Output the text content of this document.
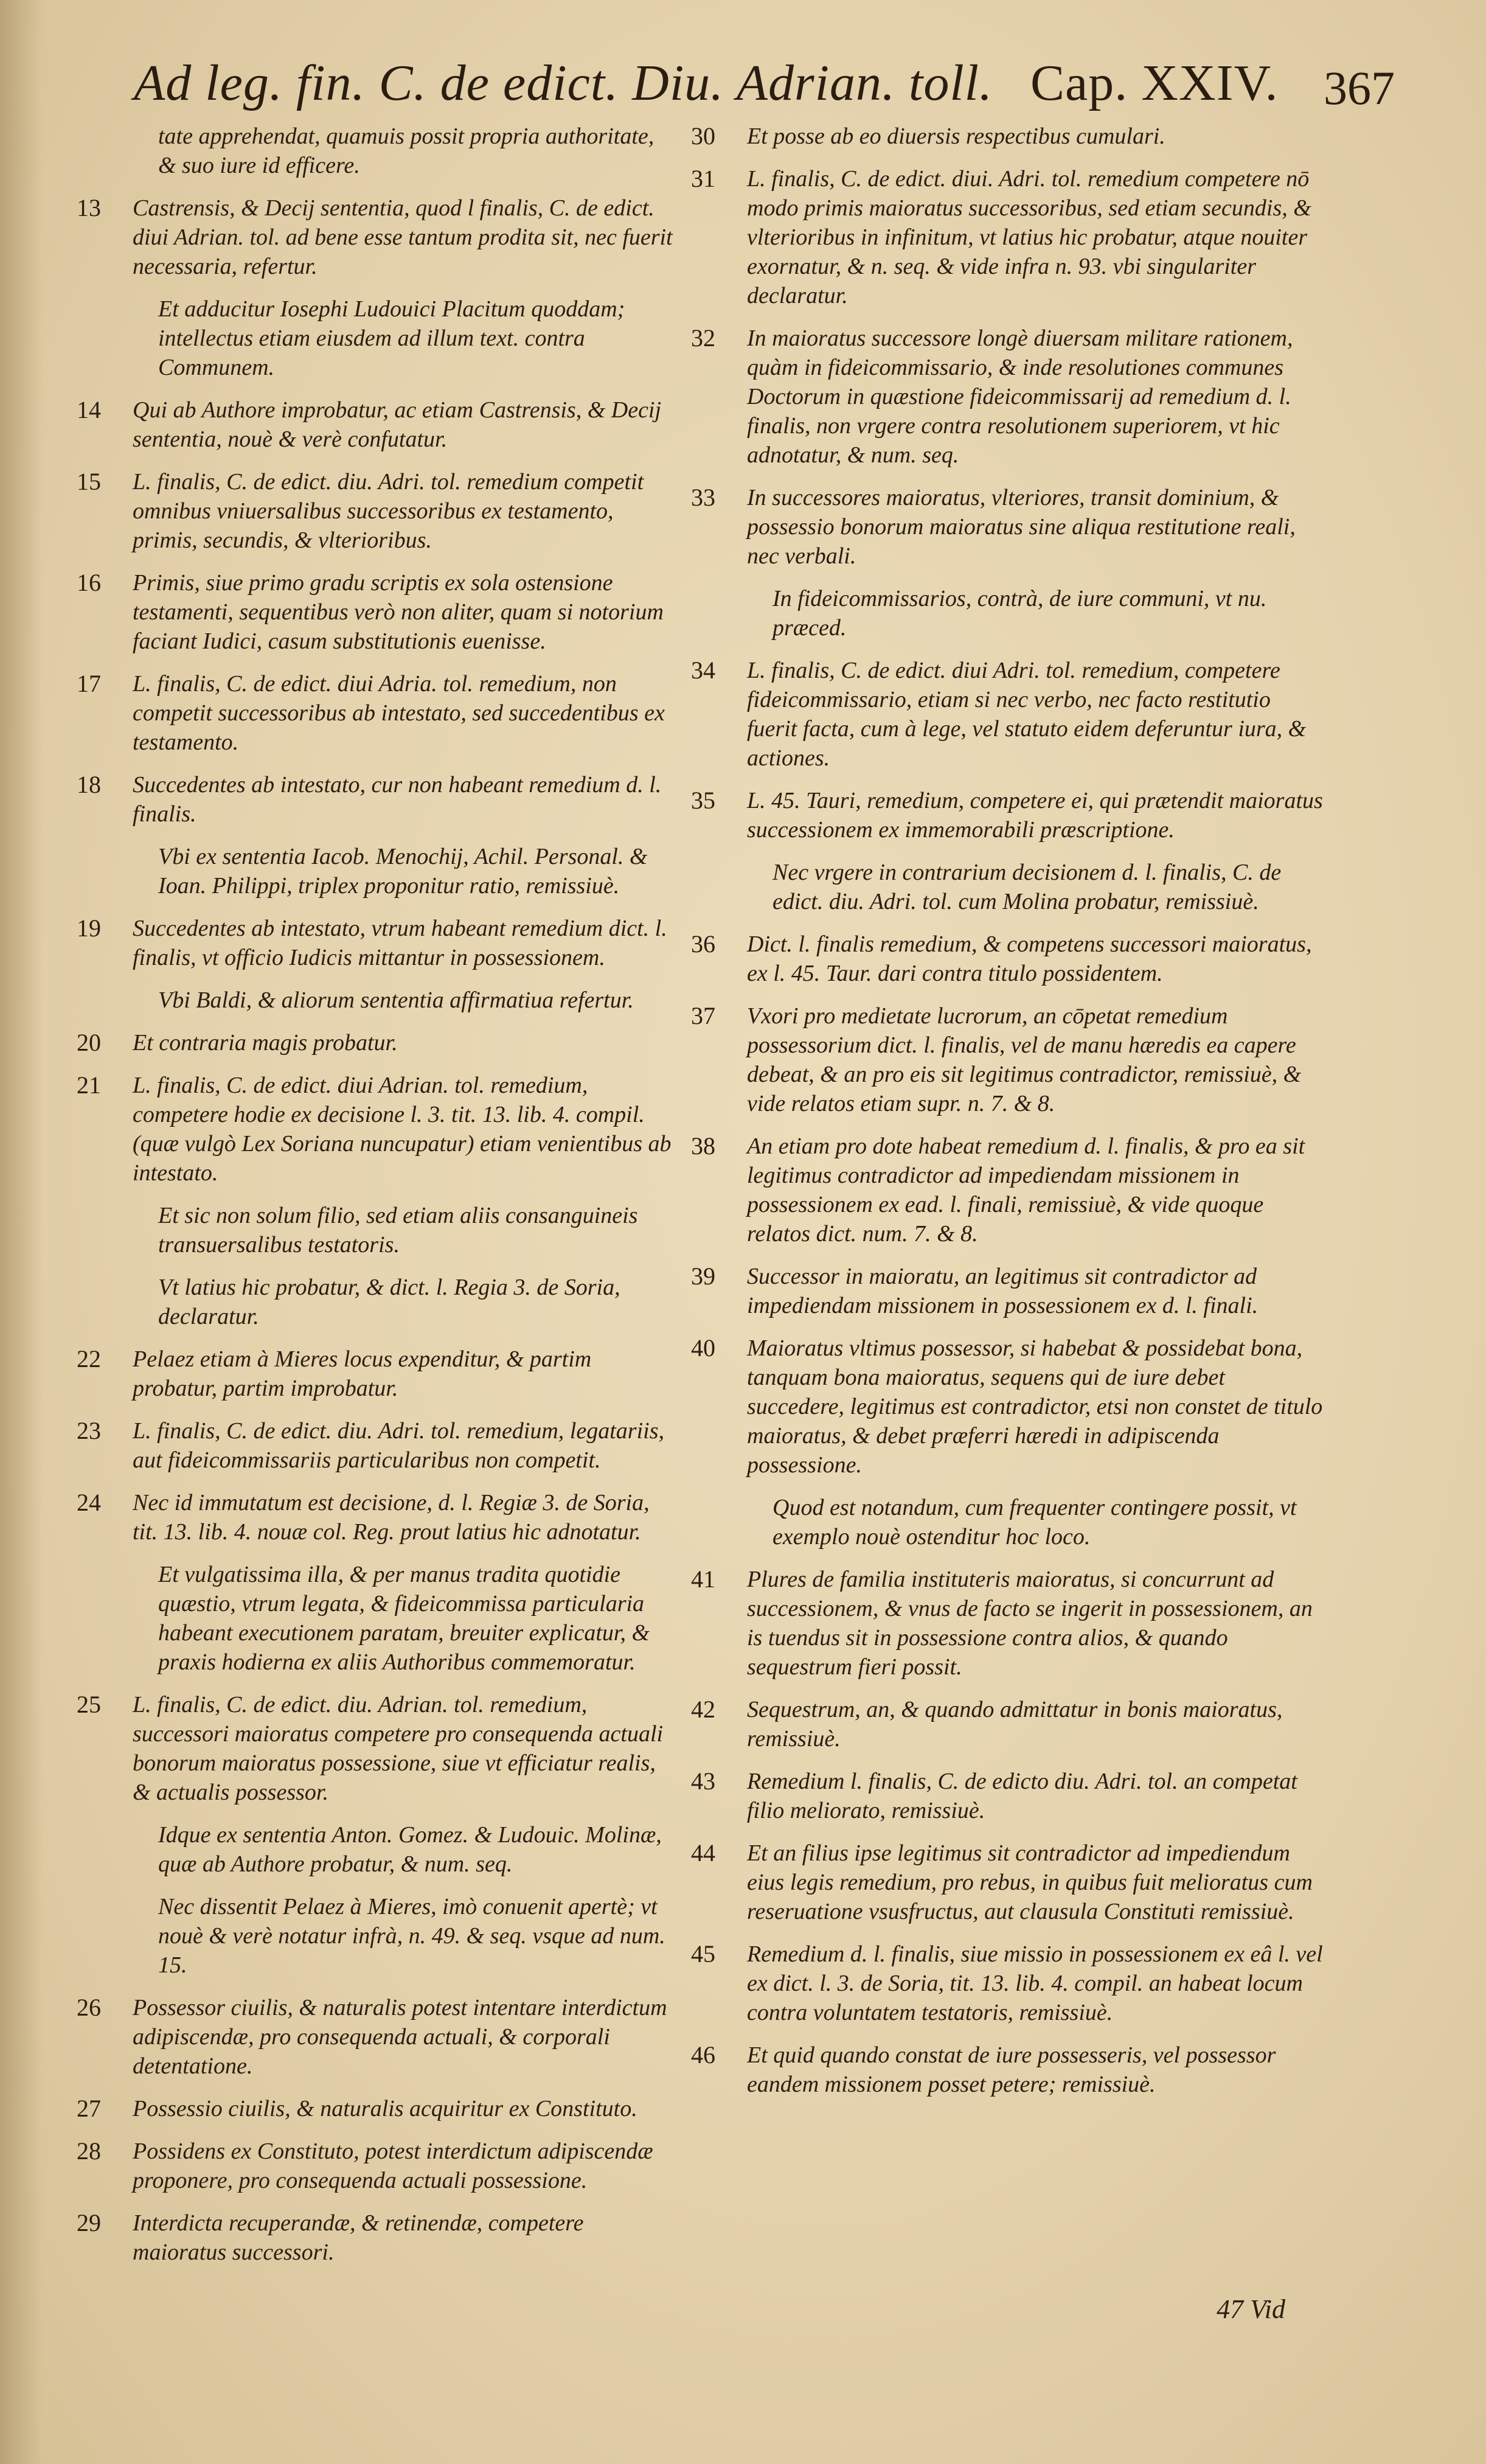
Ad leg. fin. C. de edict. Diu. Adrian. toll. Cap. XXIV. 367
tate apprehendat, quamuis possit propria authoritate, & suo iure id efficere.
13	Castrensis, & Decij sententia, quod l finalis, C. de edict. diui Adrian. tol. ad bene esse tantum prodita sit, nec fuerit necessaria, refertur.
Et adducitur Iosephi Ludouici Placitum quoddam; intellectus etiam eiusdem ad illum text. contra Communem.
14	Qui ab Authore improbatur, ac etiam Castrensis, & Decij sententia, nouè & verè confutatur.
15	L. finalis, C. de edict. diu. Adri. tol. remedium competit omnibus vniuersalibus successoribus ex testamento, primis, secundis, & vlterioribus.
16	Primis, siue primo gradu scriptis ex sola ostensione testamenti, sequentibus verò non aliter, quam si notorium faciant Iudici, casum substitutionis euenisse.
17	L. finalis, C. de edict. diui Adria. tol. remedium, non competit successoribus ab intestato, sed succedentibus ex testamento.
18	Succedentes ab intestato, cur non habeant remedium d. l. finalis.
Vbi ex sententia Iacob. Menochij, Achil. Personal. & Ioan. Philippi, triplex proponitur ratio, remissiuè.
19	Succedentes ab intestato, vtrum habeant remedium dict. l. finalis, vt officio Iudicis mittantur in possessionem.
Vbi Baldi, & aliorum sententia affirmatiua refertur.
20	Et contraria magis probatur.
21	L. finalis, C. de edict. diui Adrian. tol. remedium, competere hodie ex decisione l. 3. tit. 13. lib. 4. compil. (quæ vulgò Lex Soriana nuncupatur) etiam venientibus ab intestato.
Et sic non solum filio, sed etiam aliis consanguineis transuersalibus testatoris.
Vt latius hic probatur, & dict. l. Regia 3. de Soria, declaratur.
22	Pelaez etiam à Mieres locus expenditur, & partim probatur, partim improbatur.
23	L. finalis, C. de edict. diu. Adri. tol. remedium, legatariis, aut fideicommissariis particularibus non competit.
24	Nec id immutatum est decisione, d. l. Regiæ 3. de Soria, tit. 13. lib. 4. nouæ col. Reg. prout latius hic adnotatur.
Et vulgatissima illa, & per manus tradita quotidie quæstio, vtrum legata, & fideicommissa particularia habeant executionem paratam, breuiter explicatur, & praxis hodierna ex aliis Authoribus commemoratur.
25	L. finalis, C. de edict. diu. Adrian. tol. remedium, successori maioratus competere pro consequenda actuali bonorum maioratus possessione, siue vt efficiatur realis, & actualis possessor.
Idque ex sententia Anton. Gomez. & Ludouic. Molinæ, quæ ab Authore probatur, & num. seq.
Nec dissentit Pelaez à Mieres, imò conuenit apertè; vt nouè & verè notatur infrà, n. 49. & seq. vsque ad num. 15.
26	Possessor ciuilis, & naturalis potest intentare interdictum adipiscendæ, pro consequenda actuali, & corporali detentatione.
27	Possessio ciuilis, & naturalis acquiritur ex Constituto.
28	Possidens ex Constituto, potest interdictum adipiscendæ proponere, pro consequenda actuali possessione.
29	Interdicta recuperandæ, & retinendæ, competere maioratus successori.
30	Et posse ab eo diuersis respectibus cumulari.
31	L. finalis, C. de edict. diui. Adri. tol. remedium competere nō modo primis maioratus successoribus, sed etiam secundis, & vlterioribus in infinitum, vt latius hic probatur, atque nouiter exornatur, & n. seq. & vide infra n. 93. vbi singulariter declaratur.
32	In maioratus successore longè diuersam militare rationem, quàm in fideicommissario, & inde resolutiones communes Doctorum in quæstione fideicommissarij ad remedium d. l. finalis, non vrgere contra resolutionem superiorem, vt hic adnotatur, & num. seq.
33	In successores maioratus, vlteriores, transit dominium, & possessio bonorum maioratus sine aliqua restitutione reali, nec verbali.
In fideicommissarios, contrà, de iure communi, vt nu. præced.
34	L. finalis, C. de edict. diui Adri. tol. remedium, competere fideicommissario, etiam si nec verbo, nec facto restitutio fuerit facta, cum à lege, vel statuto eidem deferuntur iura, & actiones.
35	L. 45. Tauri, remedium, competere ei, qui prætendit maioratus successionem ex immemorabili præscriptione.
Nec vrgere in contrarium decisionem d. l. finalis, C. de edict. diu. Adri. tol. cum Molina probatur, remissiuè.
36	Dict. l. finalis remedium, & competens successori maioratus, ex l. 45. Taur. dari contra titulo possidentem.
37	Vxori pro medietate lucrorum, an cōpetat remedium possessorium dict. l. finalis, vel de manu hæredis ea capere debeat, & an pro eis sit legitimus contradictor, remissiuè, & vide relatos etiam supr. n. 7. & 8.
38	An etiam pro dote habeat remedium d. l. finalis, & pro ea sit legitimus contradictor ad impediendam missionem in possessionem ex ead. l. finali, remissiuè, & vide quoque relatos dict. num. 7. & 8.
39	Successor in maioratu, an legitimus sit contradictor ad impediendam missionem in possessionem ex d. l. finali.
40	Maioratus vltimus possessor, si habebat & possidebat bona, tanquam bona maioratus, sequens qui de iure debet succedere, legitimus est contradictor, etsi non constet de titulo maioratus, & debet præferri hæredi in adipiscenda possessione.
Quod est notandum, cum frequenter contingere possit, vt exemplo nouè ostenditur hoc loco.
41	Plures de familia instituteris maioratus, si concurrunt ad successionem, & vnus de facto se ingerit in possessionem, an is tuendus sit in possessione contra alios, & quando sequestrum fieri possit.
42	Sequestrum, an, & quando admittatur in bonis maioratus, remissiuè.
43	Remedium l. finalis, C. de edicto diu. Adri. tol. an competat filio meliorato, remissiuè.
44	Et an filius ipse legitimus sit contradictor ad impediendum eius legis remedium, pro rebus, in quibus fuit melioratus cum reseruatione vsusfructus, aut clausula Constituti remissiuè.
45	Remedium d. l. finalis, siue missio in possessionem ex eâ l. vel ex dict. l. 3. de Soria, tit. 13. lib. 4. compil. an habeat locum contra voluntatem testatoris, remissiuè.
46	Et quid quando constat de iure possesseris, vel possessor eandem missionem posset petere; remissiuè.
47 Vid
